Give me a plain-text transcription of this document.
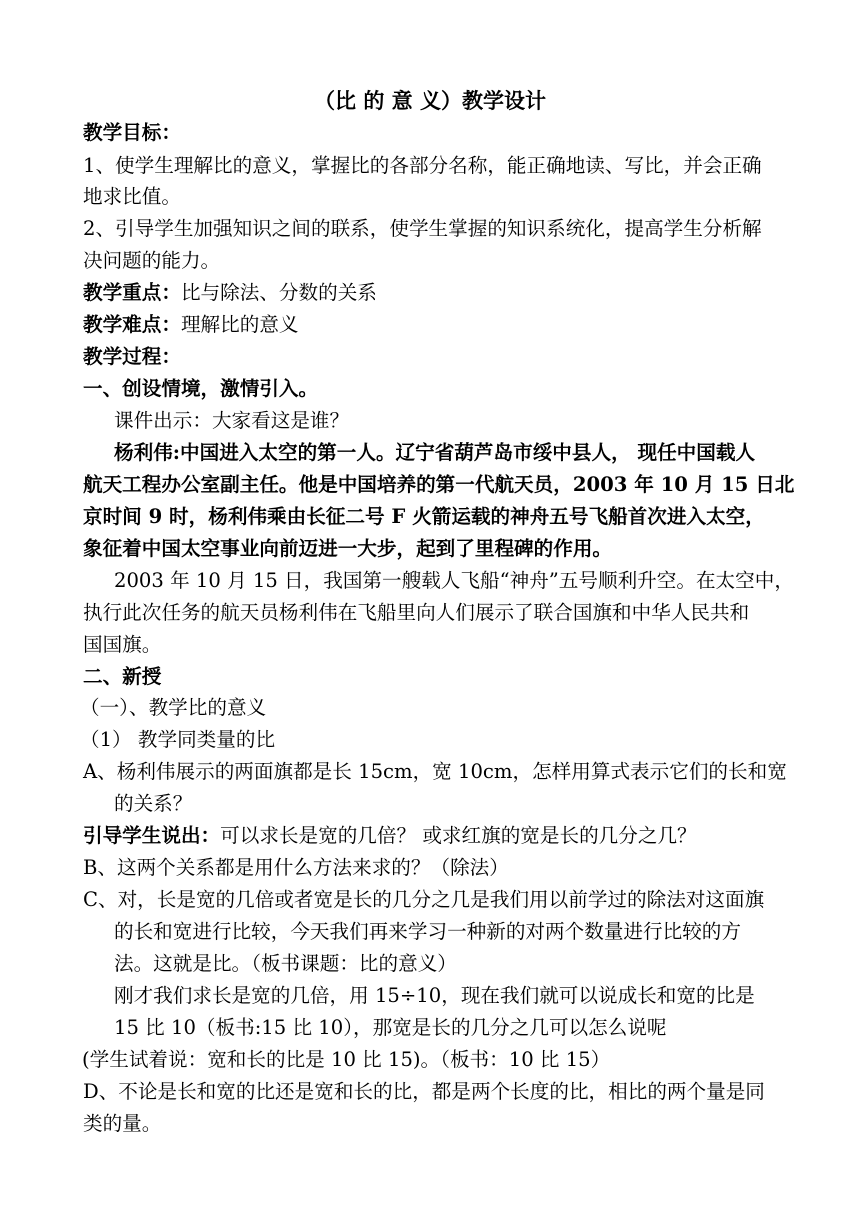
（比 的 意 义）教学设计
教学目标：
1、使学生理解比的意义，掌握比的各部分名称，能正确地读、写比，并会正确
地求比值。
2、引导学生加强知识之间的联系，使学生掌握的知识系统化，提高学生分析解
决问题的能力。
教学重点：比与除法、分数的关系
教学难点：理解比的意义
教学过程：
一、创设情境，激情引入。
课件出示：大家看这是谁？
杨利伟:中国进入太空的第一人。辽宁省葫芦岛市绥中县人， 现任中国载人
航天工程办公室副主任。他是中国培养的第一代航天员，2003 年 10 月 15 日北
京时间 9 时，杨利伟乘由长征二号 F 火箭运载的神舟五号飞船首次进入太空，
象征着中国太空事业向前迈进一大步，起到了里程碑的作用。
2003 年 10 月 15 日，我国第一艘载人飞船“神舟”五号顺利升空。在太空中，
执行此次任务的航天员杨利伟在飞船里向人们展示了联合国旗和中华人民共和
国国旗。
二、新授
（一）、教学比的意义
（1） 教学同类量的比
A、杨利伟展示的两面旗都是长 15cm，宽 10cm，怎样用算式表示它们的长和宽
的关系？
引导学生说出：可以求长是宽的几倍？ 或求红旗的宽是长的几分之几？
B、这两个关系都是用什么方法来求的？（除法）
C、对，长是宽的几倍或者宽是长的几分之几是我们用以前学过的除法对这面旗
的长和宽进行比较，今天我们再来学习一种新的对两个数量进行比较的方
法。这就是比。（板书课题：比的意义）
刚才我们求长是宽的几倍，用 15÷10，现在我们就可以说成长和宽的比是
15 比 10（板书:15 比 10），那宽是长的几分之几可以怎么说呢
(学生试着说：宽和长的比是 10 比 15)。（板书：10 比 15）
D、不论是长和宽的比还是宽和长的比，都是两个长度的比，相比的两个量是同
类的量。
